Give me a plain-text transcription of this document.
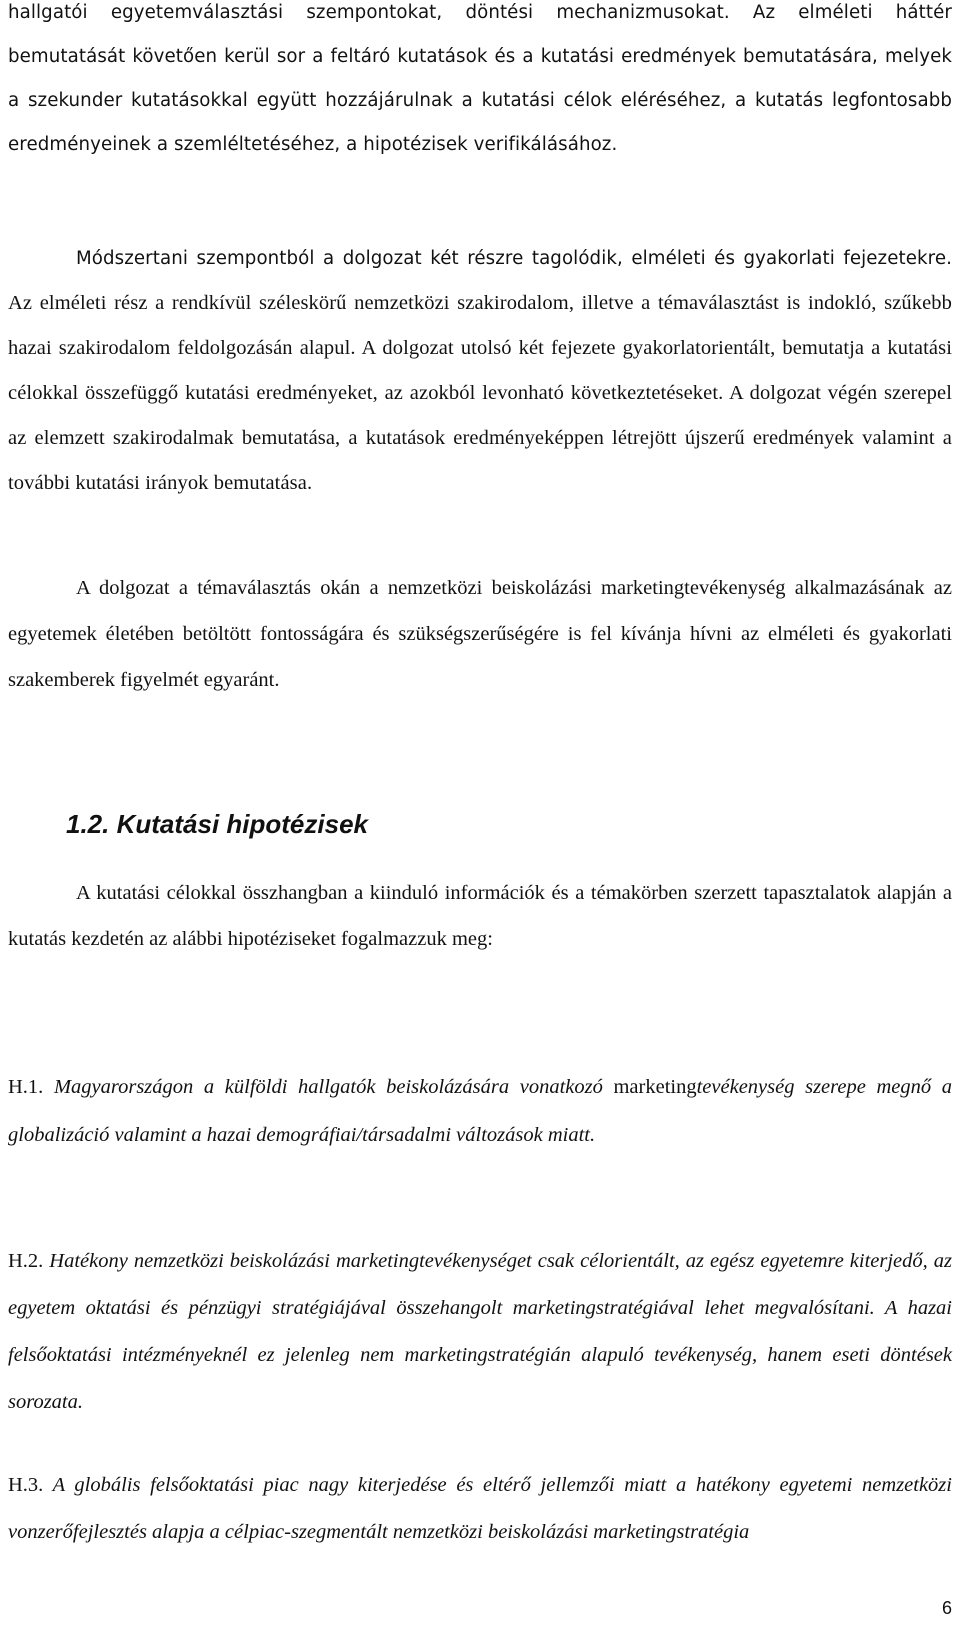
hallgatói egyetemválasztási szempontokat, döntési mechanizmusokat. Az elméleti háttér bemutatását követően kerül sor a feltáró kutatások és a kutatási eredmények bemutatására, melyek a szekunder kutatásokkal együtt hozzájárulnak a kutatási célok eléréséhez, a kutatás legfontosabb eredményeinek a szemléltetéséhez, a hipotézisek verifikálásához.

Módszertani szempontból a dolgozat két részre tagolódik, elméleti és gyakorlati fejezetekre. Az elméleti rész a rendkívül széleskörű nemzetközi szakirodalom, illetve a témaválasztást is indokló, szűkebb hazai szakirodalom feldolgozásán alapul. A dolgozat utolsó két fejezete gyakorlatorientált, bemutatja a kutatási célokkal összefüggő kutatási eredményeket, az azokból levonható következtetéseket. A dolgozat végén szerepel az elemzett szakirodalmak bemutatása, a kutatások eredményeképpen létrejött újszerű eredmények valamint a további kutatási irányok bemutatása.

A dolgozat a témaválasztás okán a nemzetközi beiskolázási marketingtevékenység alkalmazásának az egyetemek életében betöltött fontosságára és szükségszerűségére is fel kívánja hívni az elméleti és gyakorlati szakemberek figyelmét egyaránt.

1.2. Kutatási hipotézisek

A kutatási célokkal összhangban a kiinduló információk és a témakörben szerzett tapasztalatok alapján a kutatás kezdetén az alábbi hipotéziseket fogalmazzuk meg:

H.1. Magyarországon a külföldi hallgatók beiskolázására vonatkozó marketingtevékenység szerepe megnő a globalizáció valamint a hazai demográfiai/társadalmi változások miatt.

H.2. Hatékony nemzetközi beiskolázási marketingtevékenységet csak célorientált, az egész egyetemre kiterjedő, az egyetem oktatási és pénzügyi stratégiájával összehangolt marketingstratégiával lehet megvalósítani. A hazai felsőoktatási intézményeknél ez jelenleg nem marketingstratégián alapuló tevékenység, hanem eseti döntések sorozata.

H.3. A globális felsőoktatási piac nagy kiterjedése és eltérő jellemzői miatt a hatékony egyetemi nemzetközi vonzerőfejlesztés alapja a célpiac-szegmentált nemzetközi beiskolázási marketingstratégia

6
